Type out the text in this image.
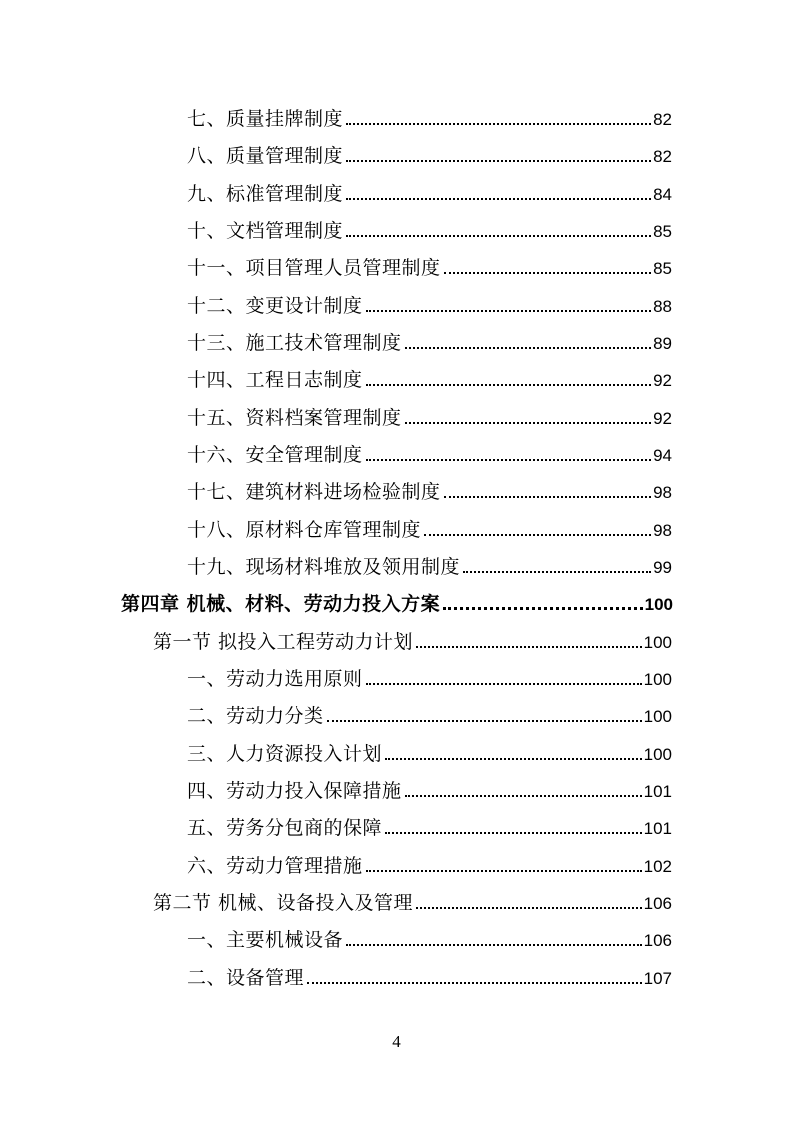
七、质量挂牌制度	82
八、质量管理制度	82
九、标准管理制度	84
十、文档管理制度	85
十一、项目管理人员管理制度	85
十二、变更设计制度	88
十三、施工技术管理制度	89
十四、工程日志制度	92
十五、资料档案管理制度	92
十六、安全管理制度	94
十七、建筑材料进场检验制度	98
十八、原材料仓库管理制度	98
十九、现场材料堆放及领用制度	99
第四章 机械、材料、劳动力投入方案	100
第一节 拟投入工程劳动力计划	100
一、劳动力选用原则	100
二、劳动力分类	100
三、人力资源投入计划	100
四、劳动力投入保障措施	101
五、劳务分包商的保障	101
六、劳动力管理措施	102
第二节 机械、设备投入及管理	106
一、主要机械设备	106
二、设备管理	107
4
